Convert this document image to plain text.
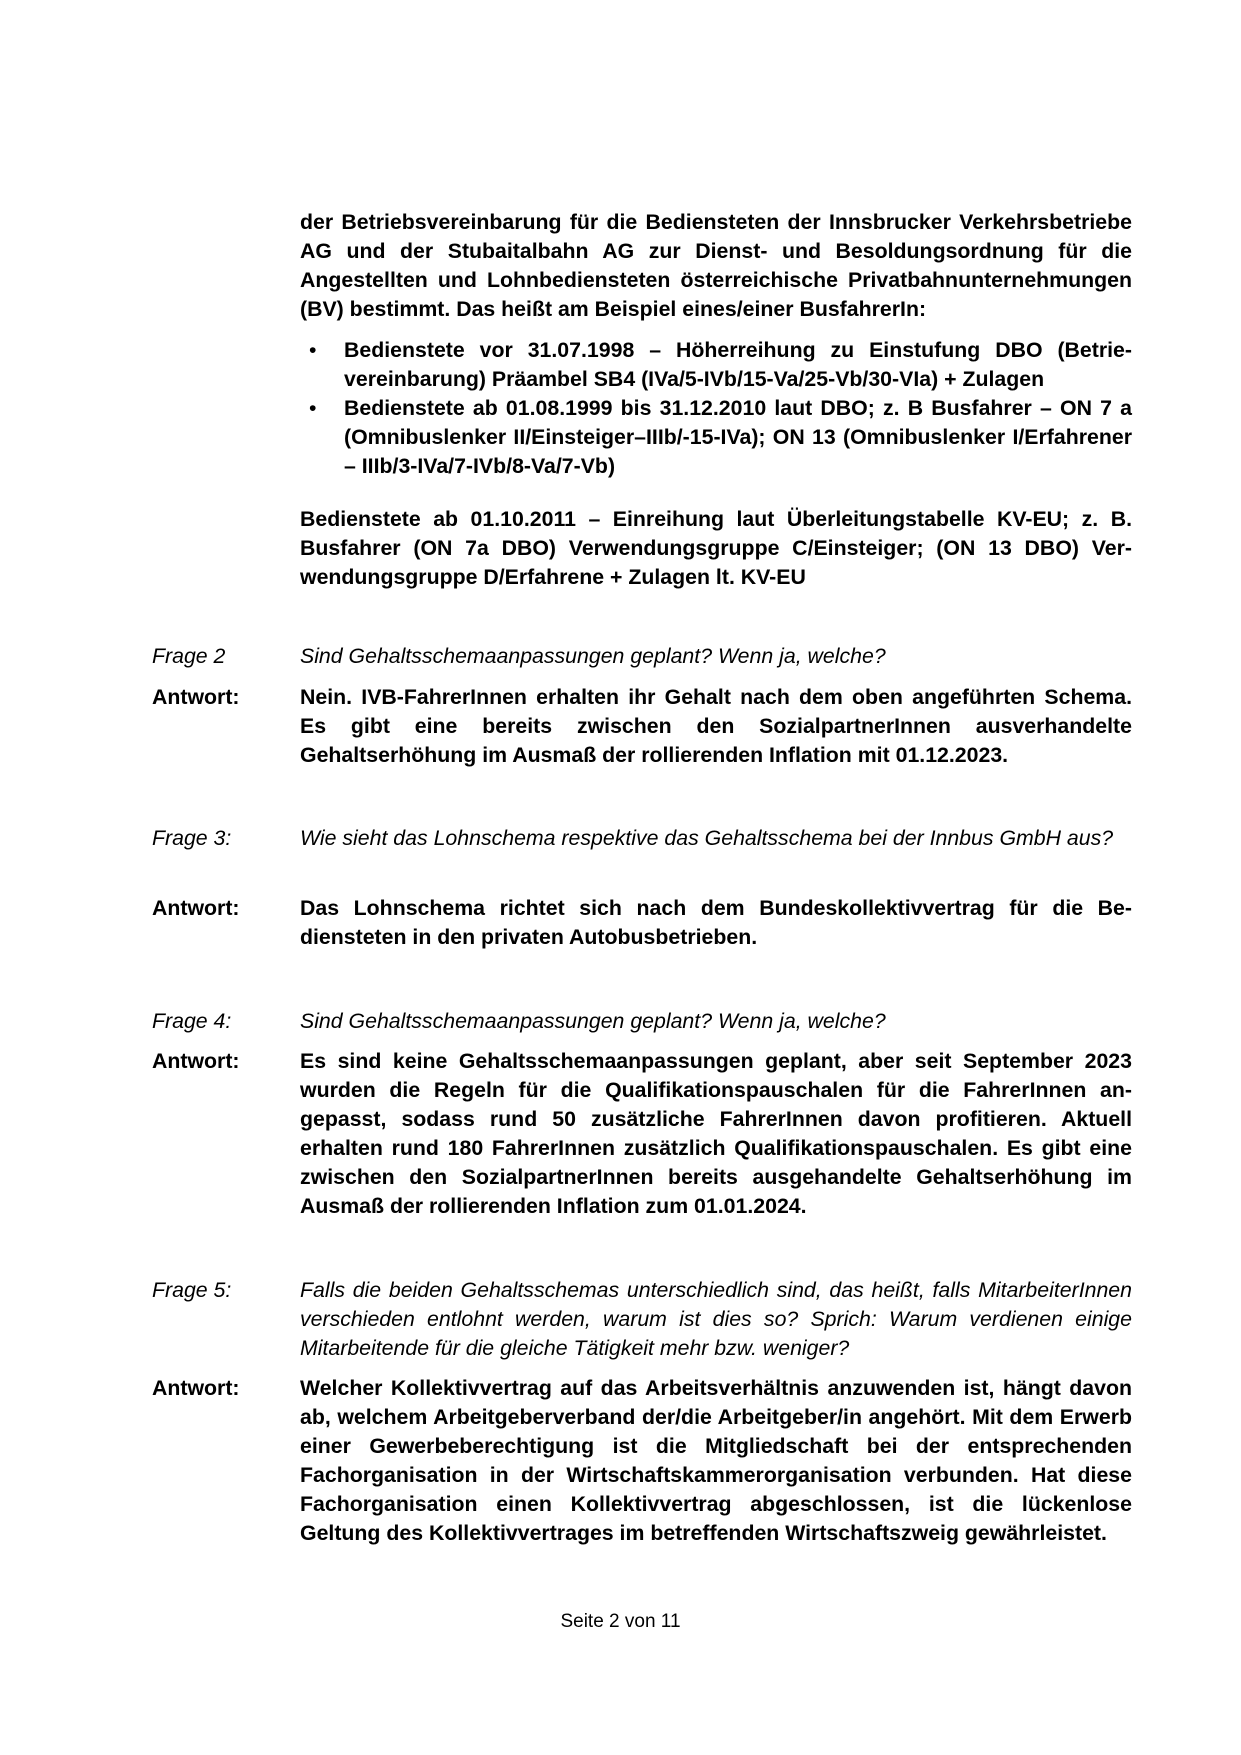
der Betriebsvereinbarung für die Bediensteten der Innsbrucker Verkehrsbetriebe AG und der Stubaitalbahn AG zur Dienst- und Besoldungsordnung für die Angestellten und Lohnbediensteten österreichische Privatbahnunternehmungen (BV) bestimmt. Das heißt am Beispiel eines/einer BusfahrerIn:
• Bedienstete vor 31.07.1998 – Höherreihung zu Einstufung DBO (Betrievereinbarung) Präambel SB4 (IVa/5-IVb/15-Va/25-Vb/30-VIa) + Zulagen
• Bedienstete ab 01.08.1999 bis 31.12.2010 laut DBO; z. B Busfahrer – ON 7 a (Omnibuslenker II/Einsteiger–IIIb/-15-IVa); ON 13 (Omnibuslenker I/Erfahrener – IIIb/3-IVa/7-IVb/8-Va/7-Vb)
Bedienstete ab 01.10.2011 – Einreihung laut Überleitungstabelle KV-EU; z. B. Busfahrer (ON 7a DBO) Verwendungsgruppe C/Einsteiger; (ON 13 DBO) Verwendungsgruppe D/Erfahrene + Zulagen lt. KV-EU
Frage 2	Sind Gehaltsschemaanpassungen geplant? Wenn ja, welche?
Antwort:	Nein. IVB-FahrerInnen erhalten ihr Gehalt nach dem oben angeführten Schema. Es gibt eine bereits zwischen den SozialpartnerInnen ausverhandelte Gehaltserhöhung im Ausmaß der rollierenden Inflation mit 01.12.2023.
Frage 3:	Wie sieht das Lohnschema respektive das Gehaltsschema bei der Innbus GmbH aus?
Antwort:	Das Lohnschema richtet sich nach dem Bundeskollektivvertrag für die Bediensteten in den privaten Autobusbetrieben.
Frage 4:	Sind Gehaltsschemaanpassungen geplant? Wenn ja, welche?
Antwort:	Es sind keine Gehaltsschemaanpassungen geplant, aber seit September 2023 wurden die Regeln für die Qualifikationspauschalen für die FahrerInnen angepasst, sodass rund 50 zusätzliche FahrerInnen davon profitieren. Aktuell erhalten rund 180 FahrerInnen zusätzlich Qualifikationspauschalen. Es gibt eine zwischen den SozialpartnerInnen bereits ausgehandelte Gehaltserhöhung im Ausmaß der rollierenden Inflation zum 01.01.2024.
Frage 5:	Falls die beiden Gehaltsschemas unterschiedlich sind, das heißt, falls MitarbeiterInnen verschieden entlohnt werden, warum ist dies so? Sprich: Warum verdienen einige Mitarbeitende für die gleiche Tätigkeit mehr bzw. weniger?
Antwort:	Welcher Kollektivvertrag auf das Arbeitsverhältnis anzuwenden ist, hängt davon ab, welchem Arbeitgeberverband der/die Arbeitgeber/in angehört. Mit dem Erwerb einer Gewerbeberechtigung ist die Mitgliedschaft bei der entsprechenden Fachorganisation in der Wirtschaftskammerorganisation verbunden. Hat diese Fachorganisation einen Kollektivvertrag abgeschlossen, ist die lückenlose Geltung des Kollektivvertrages im betreffenden Wirtschaftszweig gewährleistet.
Seite 2 von 11
